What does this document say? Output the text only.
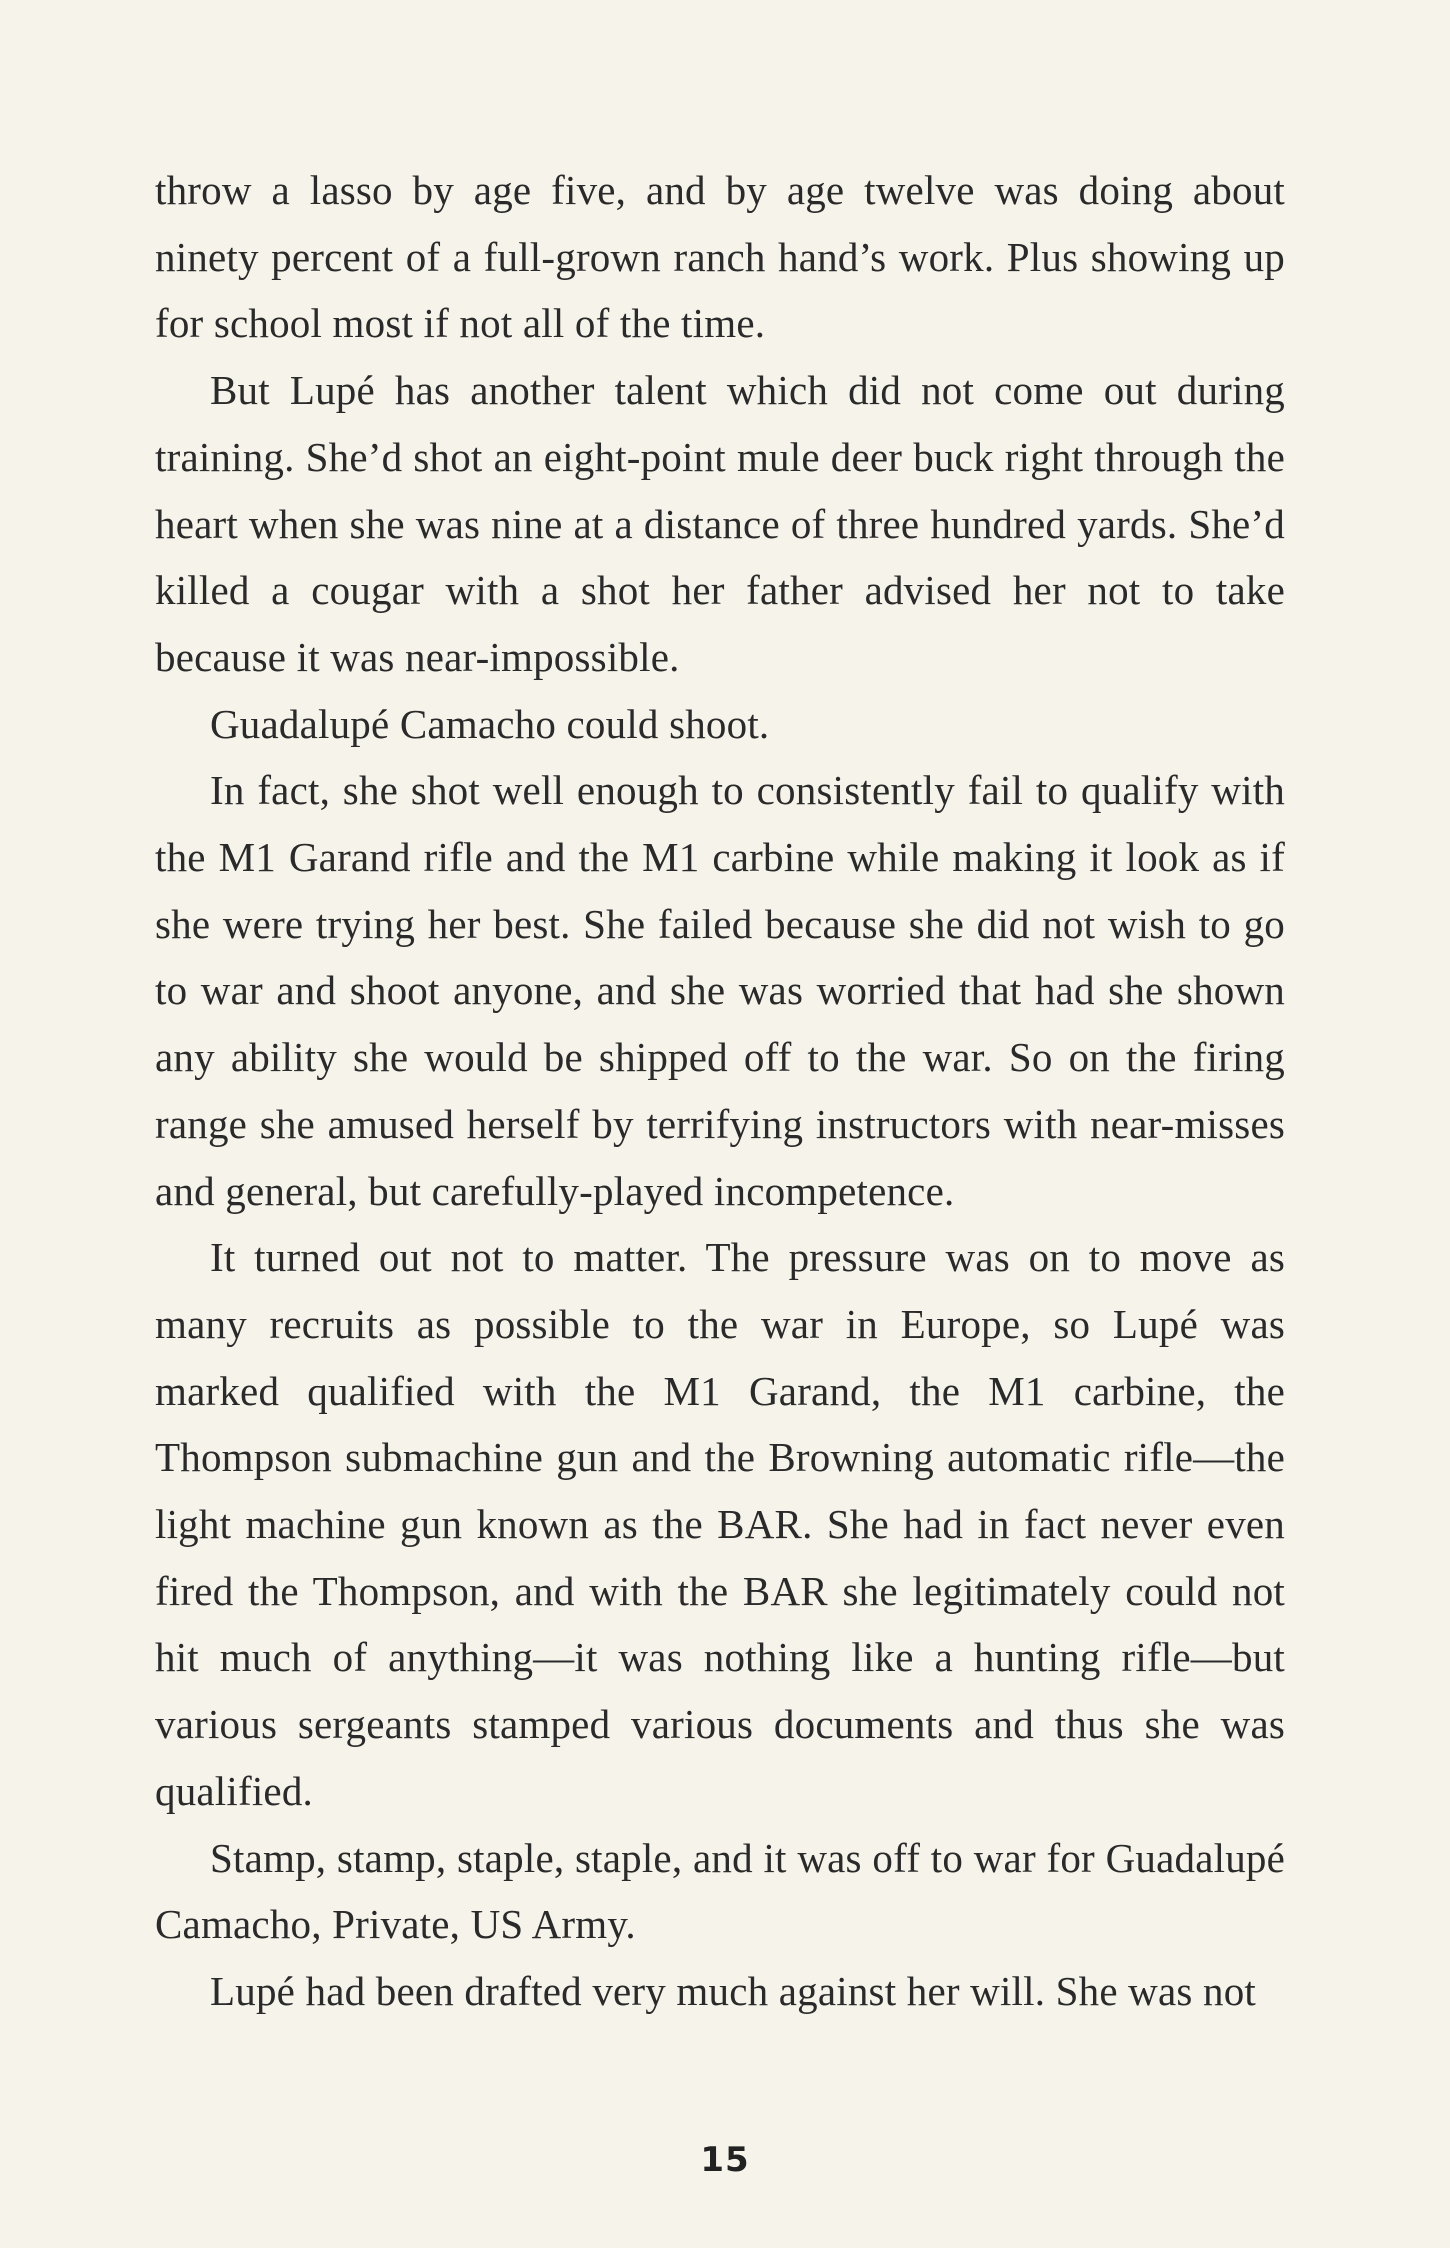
throw a lasso by age five, and by age twelve was doing about ninety percent of a full-grown ranch hand’s work. Plus showing up for school most if not all of the time.

But Lupé has another talent which did not come out during training. She’d shot an eight-point mule deer buck right through the heart when she was nine at a distance of three hundred yards. She’d killed a cougar with a shot her father advised her not to take because it was near-impossible.

Guadalupé Camacho could shoot.

In fact, she shot well enough to consistently fail to qualify with the M1 Garand rifle and the M1 carbine while making it look as if she were trying her best. She failed because she did not wish to go to war and shoot anyone, and she was worried that had she shown any ability she would be shipped off to the war. So on the firing range she amused herself by terrifying instructors with near-misses and general, but carefully-played incompetence.

It turned out not to matter. The pressure was on to move as many recruits as possible to the war in Europe, so Lupé was marked qualified with the M1 Garand, the M1 carbine, the Thompson submachine gun and the Browning automatic rifle—the light machine gun known as the BAR. She had in fact never even fired the Thompson, and with the BAR she legitimately could not hit much of anything—it was nothing like a hunting rifle—but various sergeants stamped various documents and thus she was qualified.

Stamp, stamp, staple, staple, and it was off to war for Guadalupé Camacho, Private, US Army.

Lupé had been drafted very much against her will. She was not

15
